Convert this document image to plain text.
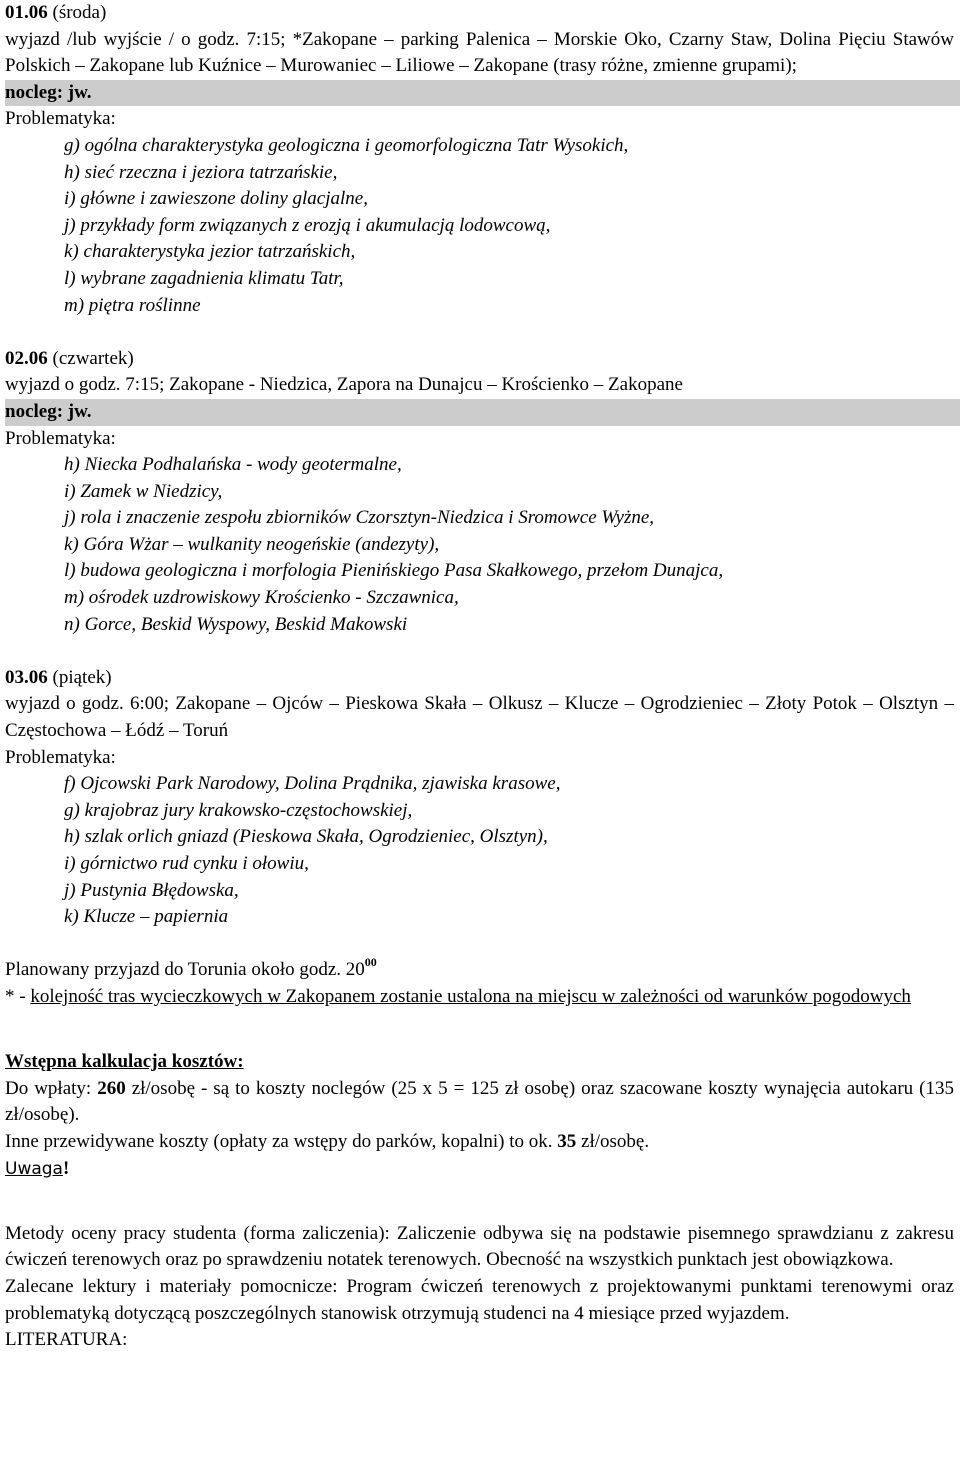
01.06 (środa)
wyjazd /lub wyjście / o godz. 7:15; *Zakopane – parking Palenica – Morskie Oko, Czarny Staw, Dolina Pięciu Stawów Polskich – Zakopane lub Kuźnice – Murowaniec – Liliowe – Zakopane (trasy różne, zmienne grupami);
nocleg: jw.
Problematyka:
g) ogólna charakterystyka geologiczna i geomorfologiczna Tatr Wysokich,
h) sieć rzeczna i jeziora tatrzańskie,
i) główne i zawieszone doliny glacjalne,
j) przykłady form związanych z erozją i akumulacją lodowcową,
k) charakterystyka jezior tatrzańskich,
l) wybrane zagadnienia klimatu Tatr,
m) piętra roślinne
02.06 (czwartek)
wyjazd o godz. 7:15; Zakopane - Niedzica, Zapora na Dunajcu – Krościenko – Zakopane
nocleg: jw.
Problematyka:
h) Niecka Podhalańska - wody geotermalne,
i) Zamek w Niedzicy,
j) rola i znaczenie zespołu zbiorników Czorsztyn-Niedzica i Sromowce Wyżne,
k) Góra Wżar – wulkanity neogeńskie (andezyty),
l) budowa geologiczna i morfologia Pienińskiego Pasa Skałkowego, przełom Dunajca,
m) ośrodek uzdrowiskowy Krościenko - Szczawnica,
n) Gorce, Beskid Wyspowy, Beskid Makowski
03.06 (piątek)
wyjazd o godz. 6:00; Zakopane – Ojców – Pieskowa Skała – Olkusz – Klucze – Ogrodzieniec – Złoty Potok – Olsztyn – Częstochowa – Łódź – Toruń
Problematyka:
f) Ojcowski Park Narodowy, Dolina Prądnika, zjawiska krasowe,
g) krajobraz jury krakowsko-częstochowskiej,
h) szlak orlich gniazd (Pieskowa Skała, Ogrodzieniec, Olsztyn),
i) górnictwo rud cynku i ołowiu,
j) Pustynia Błędowska,
k) Klucze – papiernia
Planowany przyjazd do Torunia około godz. $20^{00}$
* - kolejność tras wycieczkowych w Zakopanem zostanie ustalona na miejscu w zależności od warunków pogodowych
Wstępna kalkulacja kosztów:
Do wpłaty: 260 zł/osobę - są to koszty noclegów (25 x 5 = 125 zł osobę) oraz szacowane koszty wynajęcia autokaru (135 zł/osobę).
Inne przewidywane koszty (opłaty za wstępy do parków, kopalni) to ok. 35 zł/osobę.
Uwaga!
Metody oceny pracy studenta (forma zaliczenia): Zaliczenie odbywa się na podstawie pisemnego sprawdzianu z zakresu ćwiczeń terenowych oraz po sprawdzeniu notatek terenowych. Obecność na wszystkich punktach jest obowiązkowa.
Zalecane lektury i materiały pomocnicze: Program ćwiczeń terenowych z projektowanymi punktami terenowymi oraz problematyką dotyczącą poszczególnych stanowisk otrzymują studenci na 4 miesiące przed wyjazdem.
LITERATURA:
